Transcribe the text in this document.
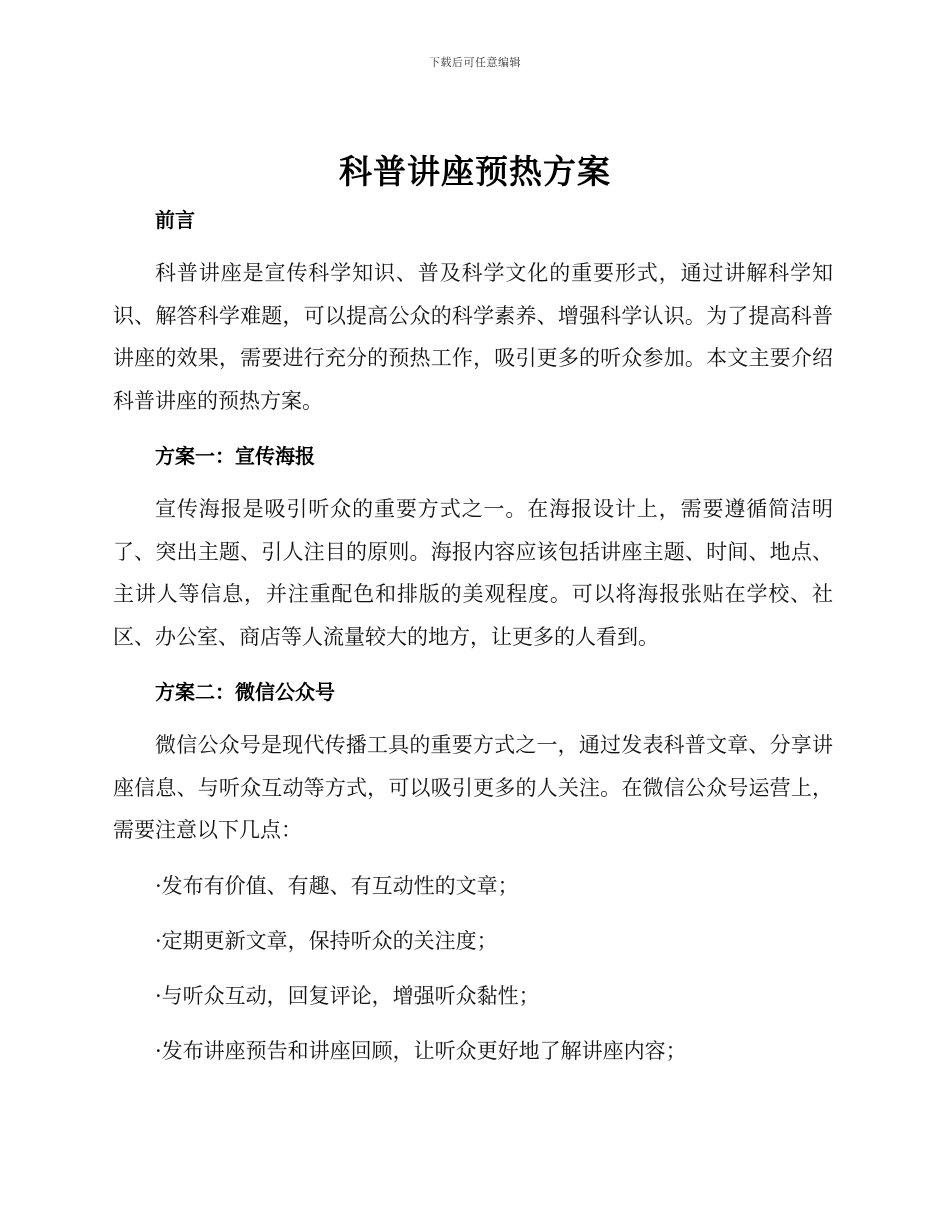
下载后可任意编辑
科普讲座预热方案
前言

科普讲座是宣传科学知识、普及科学文化的重要形式，通过讲解科学知识、解答科学难题，可以提高公众的科学素养、增强科学认识。为了提高科普讲座的效果，需要进行充分的预热工作，吸引更多的听众参加。本文主要介绍科普讲座的预热方案。

方案一：宣传海报

宣传海报是吸引听众的重要方式之一。在海报设计上，需要遵循简洁明了、突出主题、引人注目的原则。海报内容应该包括讲座主题、时间、地点、主讲人等信息，并注重配色和排版的美观程度。可以将海报张贴在学校、社区、办公室、商店等人流量较大的地方，让更多的人看到。

方案二：微信公众号

微信公众号是现代传播工具的重要方式之一，通过发表科普文章、分享讲座信息、与听众互动等方式，可以吸引更多的人关注。在微信公众号运营上，需要注意以下几点：

·发布有价值、有趣、有互动性的文章；

·定期更新文章，保持听众的关注度；

·与听众互动，回复评论，增强听众黏性；

·发布讲座预告和讲座回顾，让听众更好地了解讲座内容；
